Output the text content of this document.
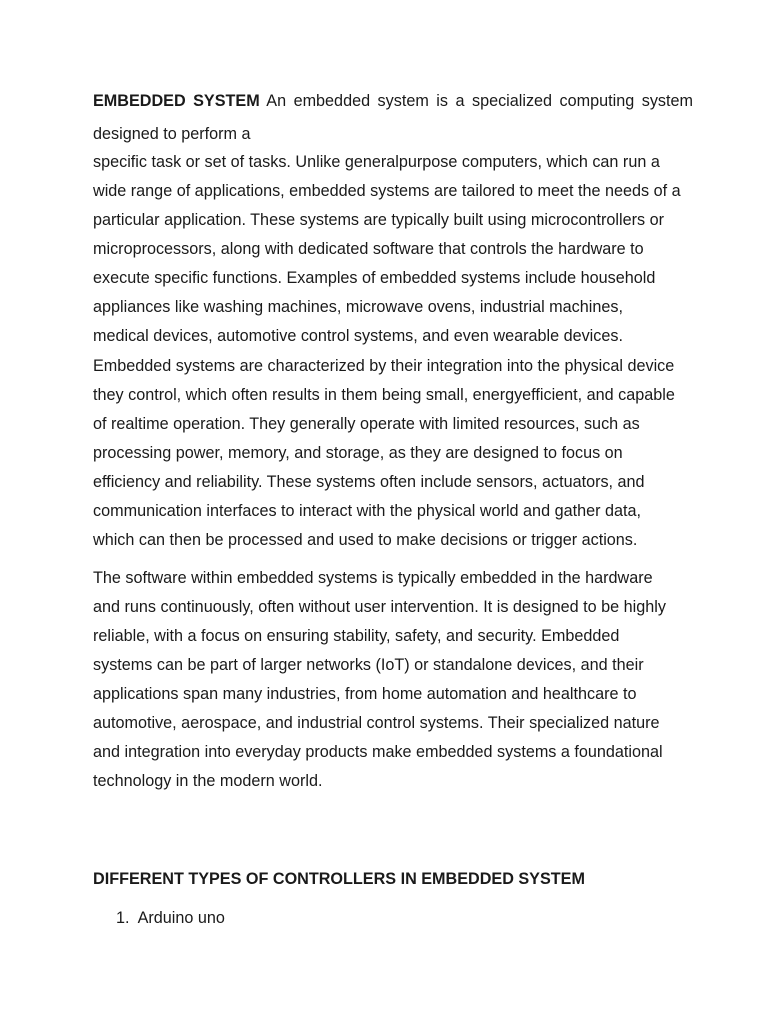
EMBEDDED SYSTEM An embedded system is a specialized computing system

designed to perform a
specific task or set of tasks. Unlike generalpurpose computers, which can run a
wide range of applications, embedded systems are tailored to meet the needs of a
particular application. These systems are typically built using microcontrollers or
microprocessors, along with dedicated software that controls the hardware to
execute specific functions. Examples of embedded systems include household
appliances like washing machines, microwave ovens, industrial machines,
medical devices, automotive control systems, and even wearable devices.
Embedded systems are characterized by their integration into the physical device
they control, which often results in them being small, energyefficient, and capable
of realtime operation. They generally operate with limited resources, such as
processing power, memory, and storage, as they are designed to focus on
efficiency and reliability. These systems often include sensors, actuators, and
communication interfaces to interact with the physical world and gather data,
which can then be processed and used to make decisions or trigger actions.
The software within embedded systems is typically embedded in the hardware
and runs continuously, often without user intervention. It is designed to be highly
reliable, with a focus on ensuring stability, safety, and security. Embedded
systems can be part of larger networks (IoT) or standalone devices, and their
applications span many industries, from home automation and healthcare to
automotive, aerospace, and industrial control systems. Their specialized nature
and integration into everyday products make embedded systems a foundational
technology in the modern world.
DIFFERENT TYPES OF CONTROLLERS IN EMBEDDED SYSTEM

1. Arduino uno
